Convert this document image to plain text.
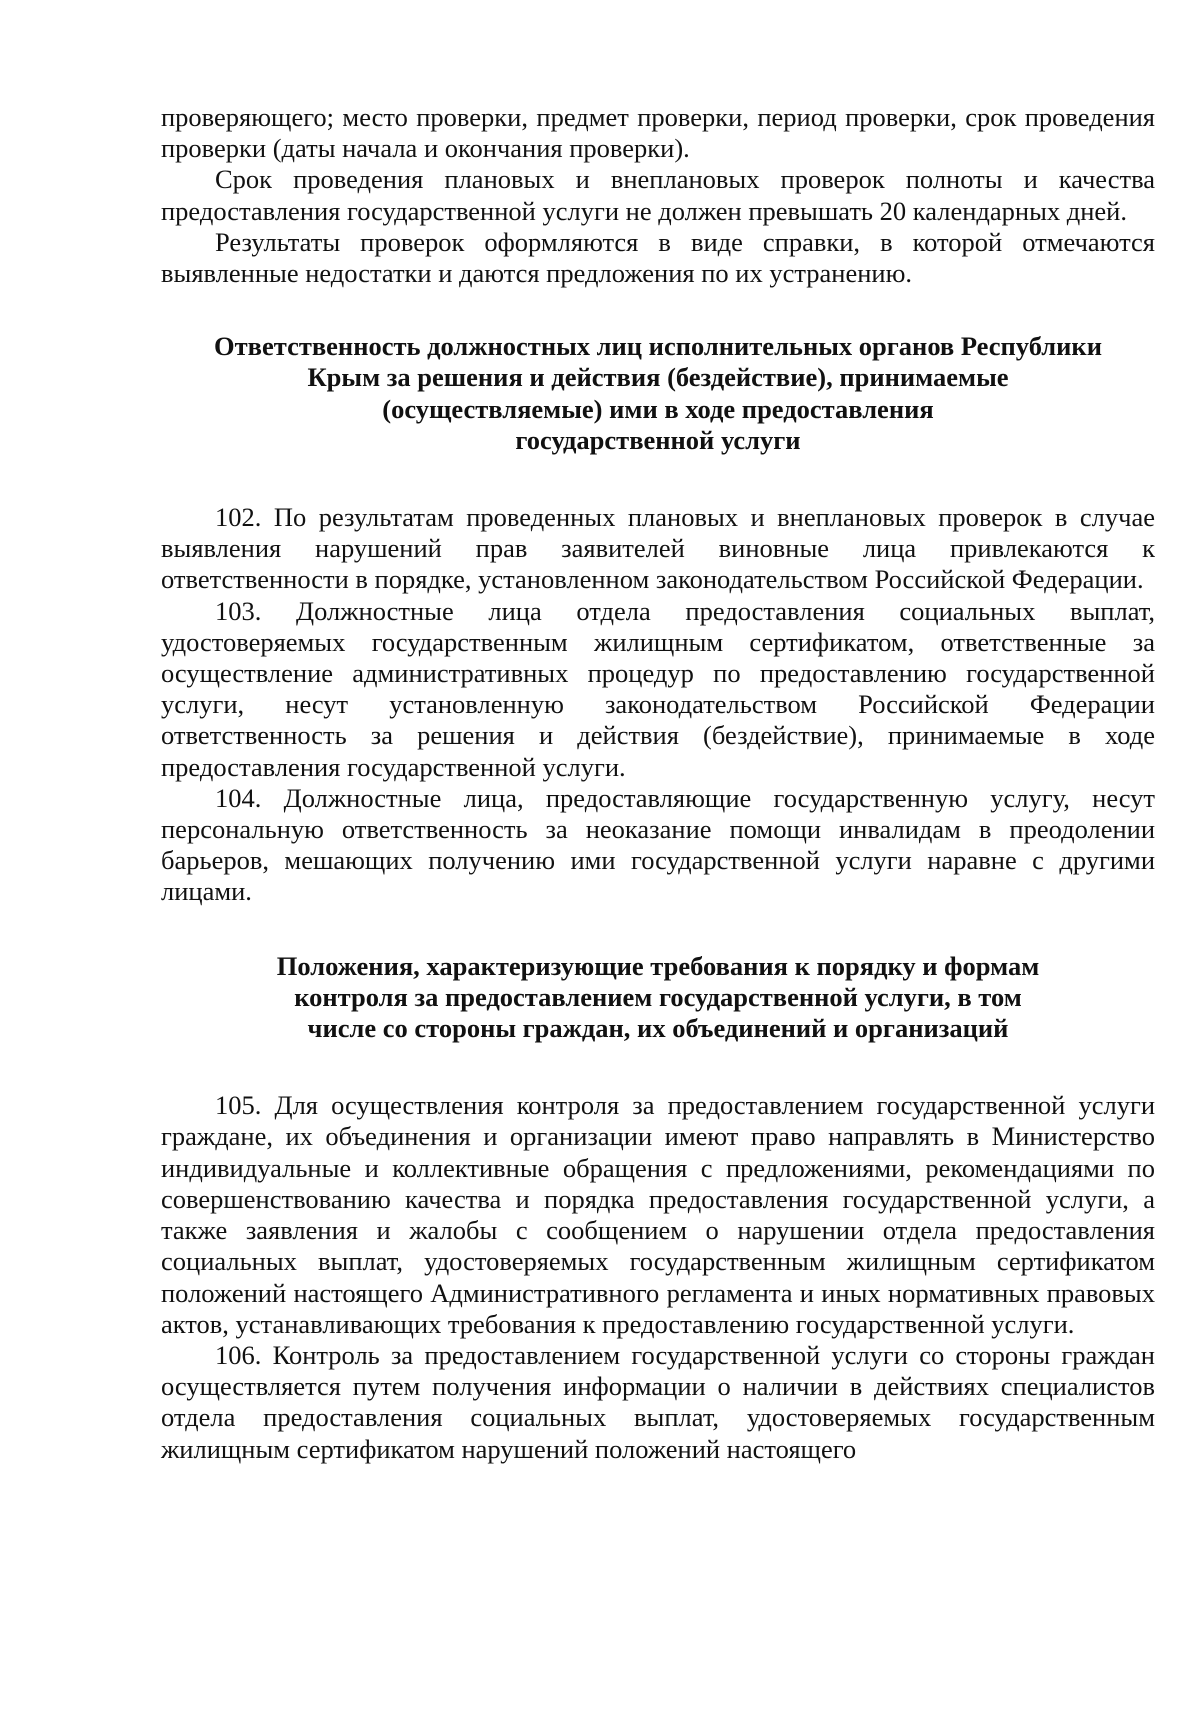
проверяющего; место проверки, предмет проверки, период проверки, срок проведения проверки (даты начала и окончания проверки).

Срок проведения плановых и внеплановых проверок полноты и качества предоставления государственной услуги не должен превышать 20 календарных дней.

Результаты проверок оформляются в виде справки, в которой отмечаются выявленные недостатки и даются предложения по их устранению.

Ответственность должностных лиц исполнительных органов Республики
Крым за решения и действия (бездействие), принимаемые
(осуществляемые) ими в ходе предоставления
государственной услуги

102. По результатам проведенных плановых и внеплановых проверок в случае выявления нарушений прав заявителей виновные лица привлекаются к ответственности в порядке, установленном законодательством Российской Федерации.

103. Должностные лица отдела предоставления социальных выплат, удостоверяемых государственным жилищным сертификатом, ответственные за осуществление административных процедур по предоставлению государственной услуги, несут установленную законодательством Российской Федерации ответственность за решения и действия (бездействие), принимаемые в ходе предоставления государственной услуги.

104. Должностные лица, предоставляющие государственную услугу, несут персональную ответственность за неоказание помощи инвалидам в преодолении барьеров, мешающих получению ими государственной услуги наравне с другими лицами.

Положения, характеризующие требования к порядку и формам
контроля за предоставлением государственной услуги, в том
числе со стороны граждан, их объединений и организаций

105. Для осуществления контроля за предоставлением государственной услуги граждане, их объединения и организации имеют право направлять в Министерство индивидуальные и коллективные обращения с предложениями, рекомендациями по совершенствованию качества и порядка предоставления государственной услуги, а также заявления и жалобы с сообщением о нарушении отдела предоставления социальных выплат, удостоверяемых государственным жилищным сертификатом положений настоящего Административного регламента и иных нормативных правовых актов, устанавливающих требования к предоставлению государственной услуги.

106. Контроль за предоставлением государственной услуги со стороны граждан осуществляется путем получения информации о наличии в действиях специалистов отдела предоставления социальных выплат, удостоверяемых государственным жилищным сертификатом нарушений положений настоящего
